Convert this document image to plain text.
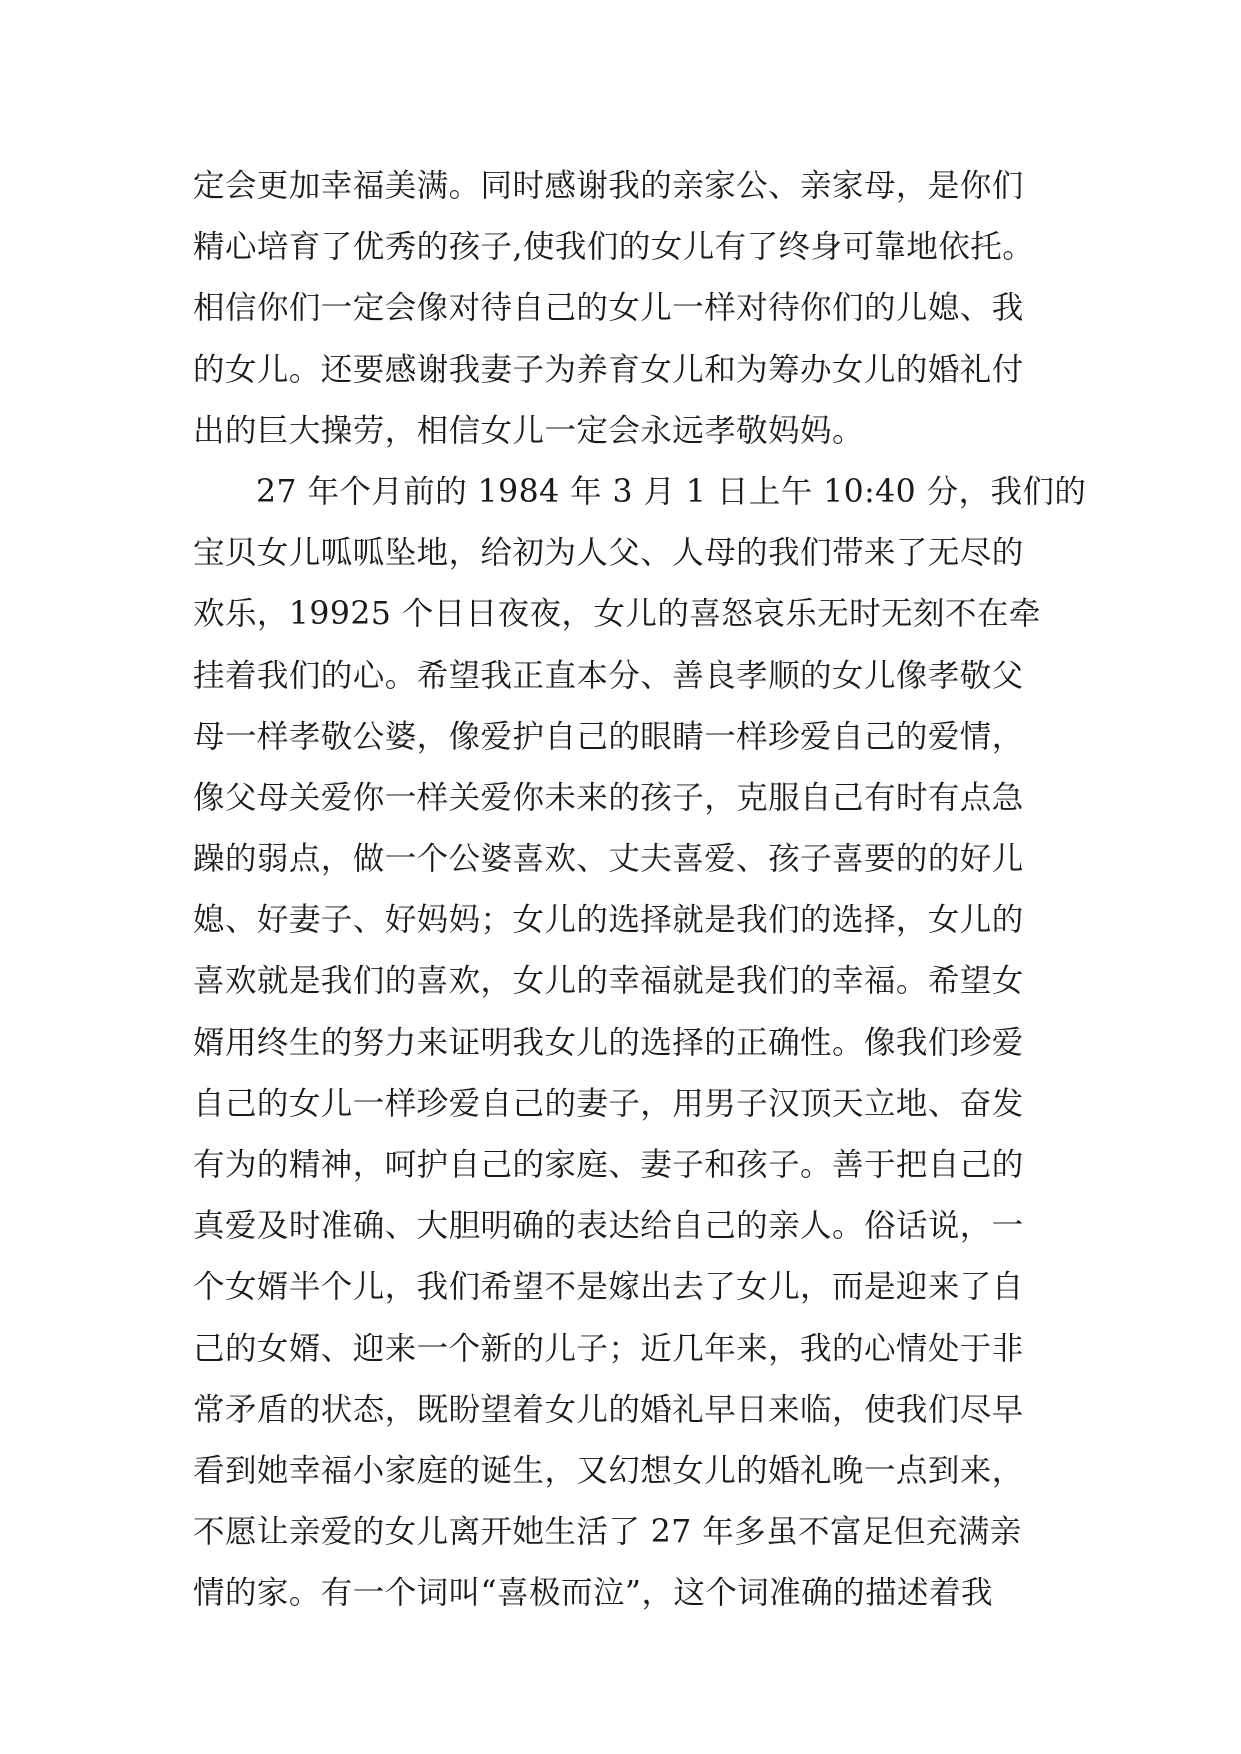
定会更加幸福美满。同时感谢我的亲家公、亲家母，是你们
精心培育了优秀的孩子,使我们的女儿有了终身可靠地依托。
相信你们一定会像对待自己的女儿一样对待你们的儿媳、我
的女儿。还要感谢我妻子为养育女儿和为筹办女儿的婚礼付
出的巨大操劳，相信女儿一定会永远孝敬妈妈。
27 年个月前的 1984 年 3 月 1 日上午 10:40 分，我们的
宝贝女儿呱呱坠地，给初为人父、人母的我们带来了无尽的
欢乐，19925 个日日夜夜，女儿的喜怒哀乐无时无刻不在牵
挂着我们的心。希望我正直本分、善良孝顺的女儿像孝敬父
母一样孝敬公婆，像爱护自己的眼睛一样珍爱自己的爱情，
像父母关爱你一样关爱你未来的孩子，克服自己有时有点急
躁的弱点，做一个公婆喜欢、丈夫喜爱、孩子喜要的的好儿
媳、好妻子、好妈妈；女儿的选择就是我们的选择，女儿的
喜欢就是我们的喜欢，女儿的幸福就是我们的幸福。希望女
婿用终生的努力来证明我女儿的选择的正确性。像我们珍爱
自己的女儿一样珍爱自己的妻子，用男子汉顶天立地、奋发
有为的精神，呵护自己的家庭、妻子和孩子。善于把自己的
真爱及时准确、大胆明确的表达给自己的亲人。俗话说，一
个女婿半个儿，我们希望不是嫁出去了女儿，而是迎来了自
己的女婿、迎来一个新的儿子；近几年来，我的心情处于非
常矛盾的状态，既盼望着女儿的婚礼早日来临，使我们尽早
看到她幸福小家庭的诞生，又幻想女儿的婚礼晚一点到来，
不愿让亲爱的女儿离开她生活了 27 年多虽不富足但充满亲
情的家。有一个词叫“喜极而泣”，这个词准确的描述着我
